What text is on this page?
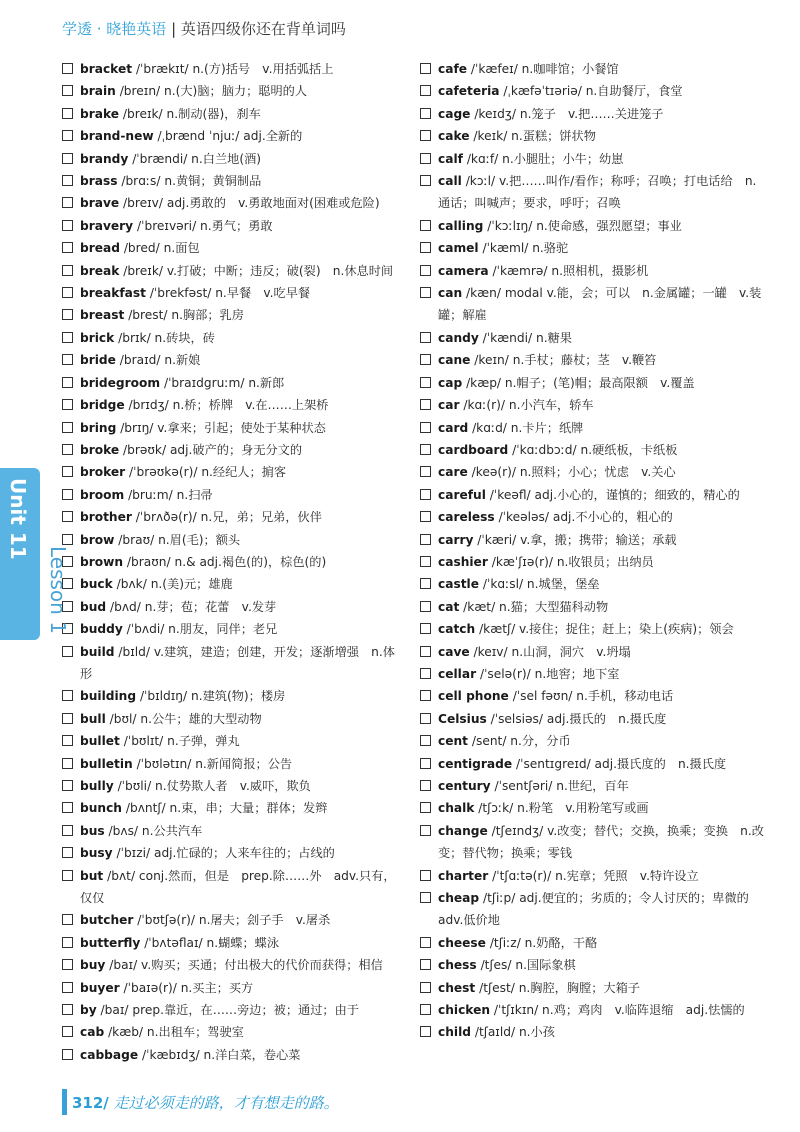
学透 · 晓艳英语 | 英语四级你还在背单词吗
bracket /ˈbrækɪt/ n.(方)括号　v.用括弧括上
brain /breɪn/ n.(大)脑；脑力；聪明的人
brake /breɪk/ n.制动(器)，刹车
brand-new /ˌbrænd ˈnjuː/ adj.全新的
brandy /ˈbrændi/ n.白兰地(酒)
brass /brɑːs/ n.黄铜；黄铜制品
brave /breɪv/ adj.勇敢的　v.勇敢地面对(困难或危险)
bravery /ˈbreɪvəri/ n.勇气；勇敢
bread /bred/ n.面包
break /breɪk/ v.打破；中断；违反；破(裂)　n.休息时间
breakfast /ˈbrekfəst/ n.早餐　v.吃早餐
breast /brest/ n.胸部；乳房
brick /brɪk/ n.砖块，砖
bride /braɪd/ n.新娘
bridegroom /ˈbraɪdgruːm/ n.新郎
bridge /brɪdʒ/ n.桥；桥牌　v.在……上架桥
bring /brɪŋ/ v.拿来；引起；使处于某种状态
broke /brəʊk/ adj.破产的；身无分文的
broker /ˈbrəʊkə(r)/ n.经纪人；掮客
broom /bruːm/ n.扫帚
brother /ˈbrʌðə(r)/ n.兄，弟；兄弟，伙伴
brow /braʊ/ n.眉(毛)；额头
brown /braʊn/ n.& adj.褐色(的)，棕色(的)
buck /bʌk/ n.(美)元；雄鹿
bud /bʌd/ n.芽；苞；花蕾　v.发芽
buddy /ˈbʌdi/ n.朋友，同伴；老兄
build /bɪld/ v.建筑，建造；创建，开发；逐渐增强　n.体形
building /ˈbɪldɪŋ/ n.建筑(物)；楼房
bull /bʊl/ n.公牛；雄的大型动物
bullet /ˈbʊlɪt/ n.子弹，弹丸
bulletin /ˈbʊlətɪn/ n.新闻简报；公告
bully /ˈbʊli/ n.仗势欺人者　v.威吓，欺负
bunch /bʌntʃ/ n.束，串；大量；群体；发辫
bus /bʌs/ n.公共汽车
busy /ˈbɪzi/ adj.忙碌的；人来车往的；占线的
but /bʌt/ conj.然而，但是　prep.除……外　adv.只有，仅仅
butcher /ˈbʊtʃə(r)/ n.屠夫；刽子手　v.屠杀
butterfly /ˈbʌtəflaɪ/ n.蝴蝶；蝶泳
buy /baɪ/ v.购买；买通；付出极大的代价而获得；相信
buyer /ˈbaɪə(r)/ n.买主；买方
by /baɪ/ prep.靠近，在……旁边；被；通过；由于
cab /kæb/ n.出租车；驾驶室
cabbage /ˈkæbɪdʒ/ n.洋白菜，卷心菜
cafe /ˈkæfeɪ/ n.咖啡馆；小餐馆
cafeteria /ˌkæfəˈtɪəriə/ n.自助餐厅，食堂
cage /keɪdʒ/ n.笼子　v.把……关进笼子
cake /keɪk/ n.蛋糕；饼状物
calf /kɑːf/ n.小腿肚；小牛；幼崽
call /kɔːl/ v.把……叫作/看作；称呼；召唤；打电话给　n.通话；叫喊声；要求，呼吁；召唤
calling /ˈkɔːlɪŋ/ n.使命感，强烈愿望；事业
camel /ˈkæml/ n.骆驼
camera /ˈkæmrə/ n.照相机，摄影机
can /kæn/ modal v.能，会；可以　n.金属罐；一罐　v.装罐；解雇
candy /ˈkændi/ n.糖果
cane /keɪn/ n.手杖；藤杖；茎　v.鞭笞
cap /kæp/ n.帽子；(笔)帽；最高限额　v.覆盖
car /kɑː(r)/ n.小汽车，轿车
card /kɑːd/ n.卡片；纸牌
cardboard /ˈkɑːdbɔːd/ n.硬纸板，卡纸板
care /keə(r)/ n.照料；小心；忧虑　v.关心
careful /ˈkeəfl/ adj.小心的，谨慎的；细致的，精心的
careless /ˈkeələs/ adj.不小心的，粗心的
carry /ˈkæri/ v.拿，搬；携带；输送；承载
cashier /kæˈʃɪə(r)/ n.收银员；出纳员
castle /ˈkɑːsl/ n.城堡，堡垒
cat /kæt/ n.猫；大型猫科动物
catch /kætʃ/ v.接住；捉住；赶上；染上(疾病)；领会
cave /keɪv/ n.山洞，洞穴　v.坍塌
cellar /ˈselə(r)/ n.地窖；地下室
cell phone /ˈsel fəʊn/ n.手机，移动电话
Celsius /ˈselsiəs/ adj.摄氏的　n.摄氏度
cent /sent/ n.分，分币
centigrade /ˈsentɪgreɪd/ adj.摄氏度的　n.摄氏度
century /ˈsentʃəri/ n.世纪，百年
chalk /tʃɔːk/ n.粉笔　v.用粉笔写或画
change /tʃeɪndʒ/ v.改变；替代；交换，换乘；变换　n.改变；替代物；换乘；零钱
charter /ˈtʃɑːtə(r)/ n.宪章；凭照　v.特许设立
cheap /tʃiːp/ adj.便宜的；劣质的；令人讨厌的；卑微的　adv.低价地
cheese /tʃiːz/ n.奶酪，干酪
chess /tʃes/ n.国际象棋
chest /tʃest/ n.胸腔，胸膛；大箱子
chicken /ˈtʃɪkɪn/ n.鸡；鸡肉　v.临阵退缩　adj.怯懦的
child /tʃaɪld/ n.小孩
Unit 11
Lesson 1
312/ 走过必须走的路，才有想走的路。
